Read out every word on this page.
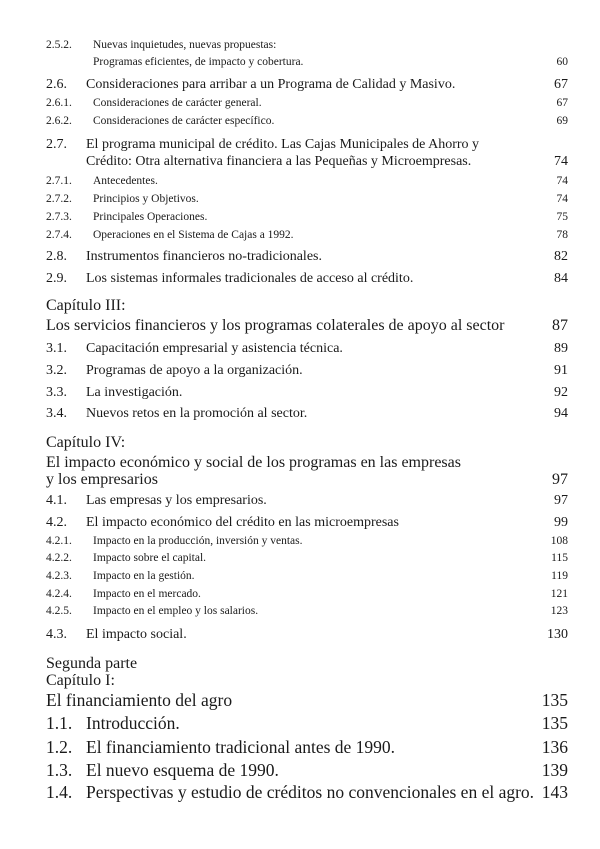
2.5.2.	Nuevas inquietudes, nuevas propuestas:
Programas eficientes, de impacto y cobertura.	60
2.6.	Consideraciones para arribar a un Programa de Calidad y Masivo.	67
2.6.1.	Consideraciones de carácter general.	67
2.6.2.	Consideraciones de carácter específico.	69
2.7.	El programa municipal de crédito. Las Cajas Municipales de Ahorro y
Crédito: Otra alternativa financiera a las Pequeñas y Microempresas.	74
2.7.1.	Antecedentes.	74
2.7.2.	Principios y Objetivos.	74
2.7.3.	Principales Operaciones.	75
2.7.4.	Operaciones en el Sistema de Cajas a 1992.	78
2.8.	Instrumentos financieros no-tradicionales.	82
2.9.	Los sistemas informales tradicionales de acceso al crédito.	84
Capítulo III:
Los servicios financieros y los programas colaterales de apoyo al sector	87
3.1.	Capacitación empresarial y asistencia técnica.	89
3.2.	Programas de apoyo a la organización.	91
3.3.	La investigación.	92
3.4.	Nuevos retos en la promoción al sector.	94
Capítulo IV:
El impacto económico y social de los programas en las empresas
y los empresarios	97
4.1.	Las empresas y los empresarios.	97
4.2.	El impacto económico del crédito en las microempresas	99
4.2.1.	Impacto en la producción, inversión y ventas.	108
4.2.2.	Impacto sobre el capital.	115
4.2.3.	Impacto en la gestión.	119
4.2.4.	Impacto en el mercado.	121
4.2.5.	Impacto en el empleo y los salarios.	123
4.3.	El impacto social.	130
Segunda parte
Capítulo I:
El financiamiento del agro	135
1.1. Introducción.	135
1.2. El financiamiento tradicional antes de 1990.	136
1.3. El nuevo esquema de 1990.	139
1.4. Perspectivas y estudio de créditos no convencionales en el agro. 143
